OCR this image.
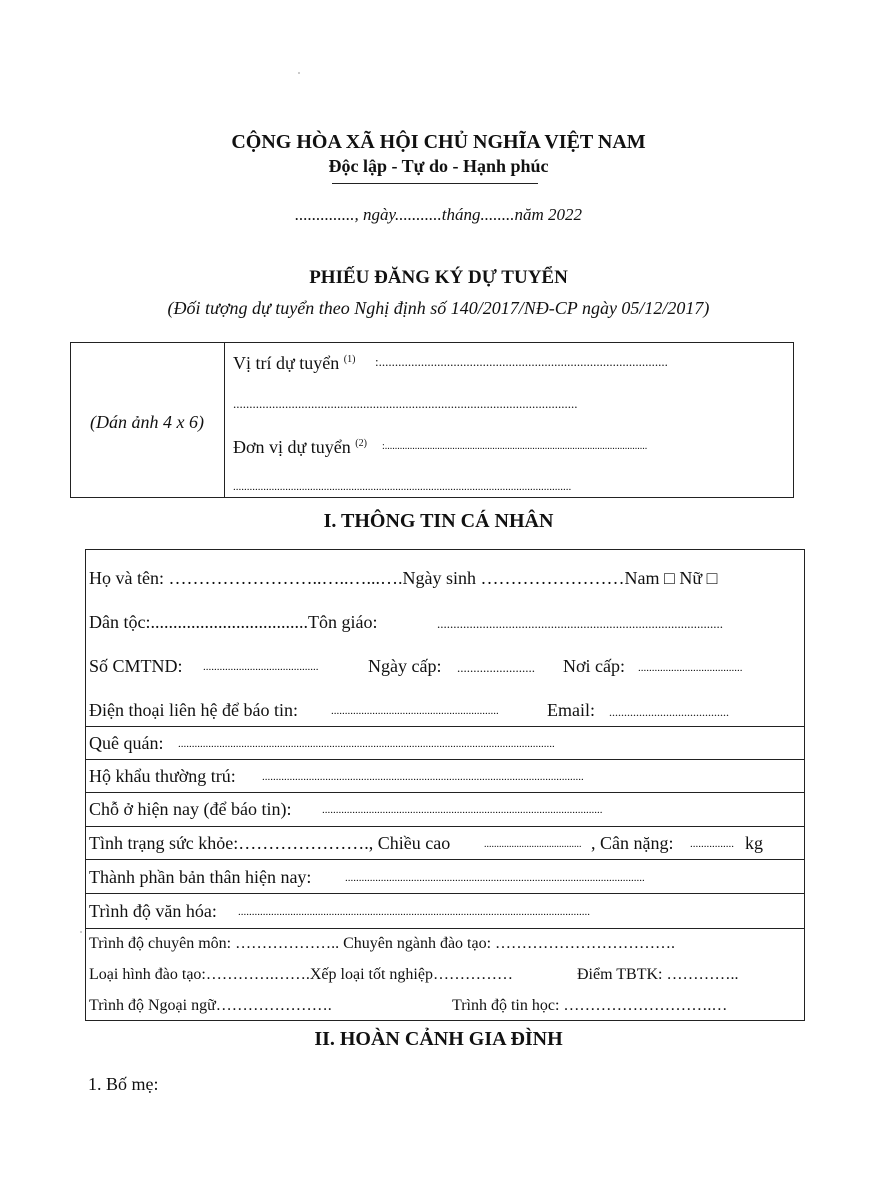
CỘNG HÒA XÃ HỘI CHỦ NGHĨA VIỆT NAM
Độc lập - Tự do - Hạnh phúc
.............., ngày...........tháng........năm 2022
PHIẾU ĐĂNG KÝ DỰ TUYỂN
(Đối tượng dự tuyển theo Nghị định số 140/2017/NĐ-CP ngày 05/12/2017)
(Dán ảnh 4 x 6)
Vị trí dự tuyển $^{(1)}$ :.........................................................................................
..........................................................................................................
Đơn vị dự tuyển $^{(2)}$ :.........................................................................................................
...........................................................................................................................
I. THÔNG TIN CÁ NHÂN
Họ và tên: ……………………..…..…...….Ngày sinh ……………………Nam □ Nữ □
Dân tộc:...................................Tôn giáo:	........................................................................................
Số CMTND: ..........................................	Ngày cấp: ........................ Nơi cấp: ......................................
Điện thoại liên hệ để báo tin:	.............................................................	Email: ........................................
Quê quán: .........................................................................................................................................
Hộ khẩu thường trú: .....................................................................................................................
Chỗ ở hiện nay (để báo tin):	......................................................................................................
Tình trạng sức khỏe:…………………., Chiều cao	....................................... , Cân nặng: ................ kg
Thành phần bản thân hiện nay:	.............................................................................................................
Trình độ văn hóa: ................................................................................................................................
Trình độ chuyên môn: ……………….. Chuyên ngành đào tạo: …………………………….
Loại hình đào tạo:………….…….Xếp loại tốt nghiệp……………	Điểm TBTK: …………..
Trình độ Ngoại ngữ………………….	Trình độ tin học: ……………………….…
II. HOÀN CẢNH GIA ĐÌNH
1. Bố mẹ:
